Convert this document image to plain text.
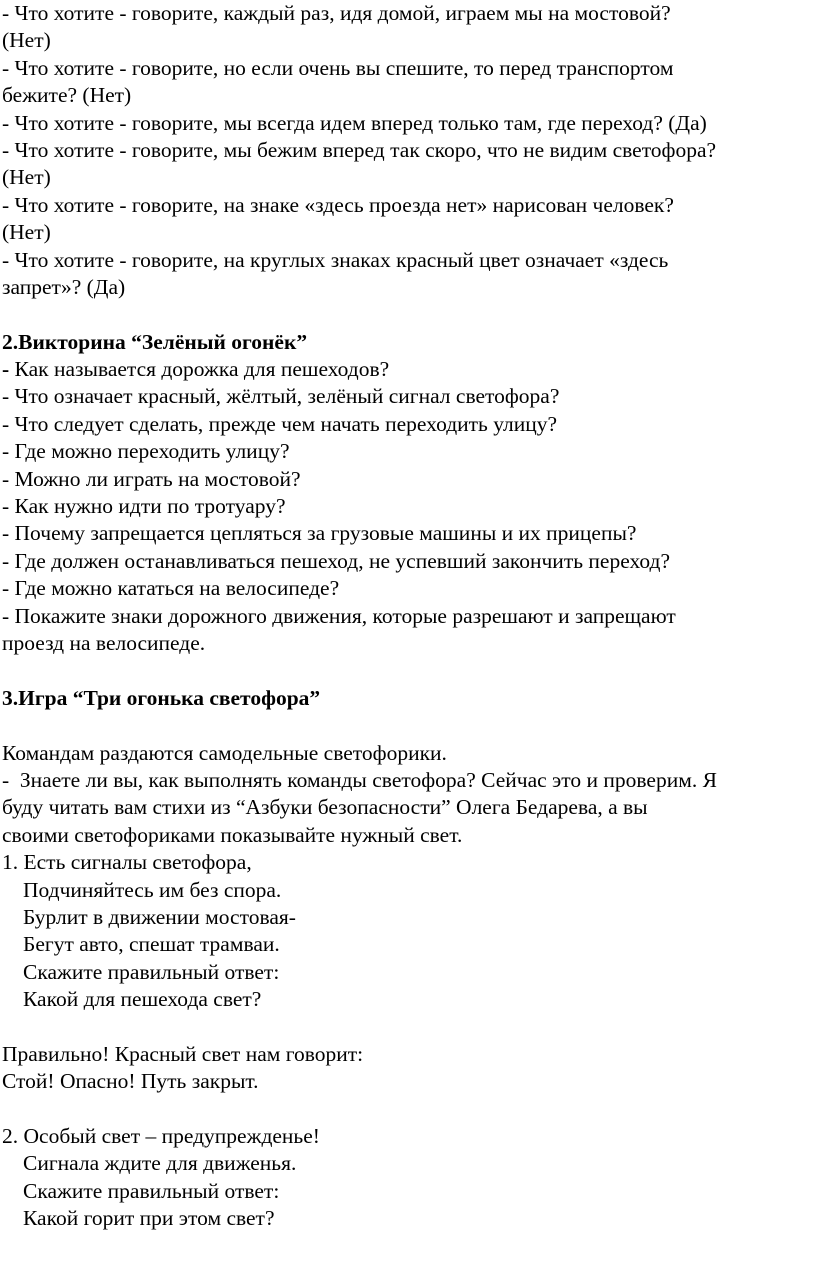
- Что хотите - говорите, каждый раз, идя домой, играем мы на мостовой?
(Нет)
- Что хотите - говорите, но если очень вы спешите, то перед транспортом
бежите? (Нет)
- Что хотите - говорите, мы всегда идем вперед только там, где переход? (Да)
- Что хотите - говорите, мы бежим вперед так скоро, что не видим светофора?
(Нет)
- Что хотите - говорите, на знаке «здесь проезда нет» нарисован человек?
(Нет)
- Что хотите - говорите, на круглых знаках красный цвет означает «здесь
запрет»? (Да)
2.Викторина “Зелёный огонёк”
- Как называется дорожка для пешеходов?
- Что означает красный, жёлтый, зелёный сигнал светофора?
- Что следует сделать, прежде чем начать переходить улицу?
- Где можно переходить улицу?
- Можно ли играть на мостовой?
- Как нужно идти по тротуару?
- Почему запрещается цепляться за грузовые машины и их прицепы?
- Где должен останавливаться пешеход, не успевший закончить переход?
- Где можно кататься на велосипеде?
- Покажите знаки дорожного движения, которые разрешают и запрещают
проезд на велосипеде.
3.Игра “Три огонька светофора”
Командам раздаются самодельные светофорики.
-  Знаете ли вы, как выполнять команды светофора? Сейчас это и проверим. Я
буду читать вам стихи из “Азбуки безопасности” Олега Бедарева, а вы
своими светофориками показывайте нужный свет.
1. Есть сигналы светофора,
Подчиняйтесь им без спора.
Бурлит в движении мостовая-
Бегут авто, спешат трамваи.
Скажите правильный ответ:
Какой для пешехода свет?
Правильно! Красный свет нам говорит:
Стой! Опасно! Путь закрыт.
2. Особый свет – предупрежденье!
Сигнала ждите для движенья.
Скажите правильный ответ:
Какой горит при этом свет?
